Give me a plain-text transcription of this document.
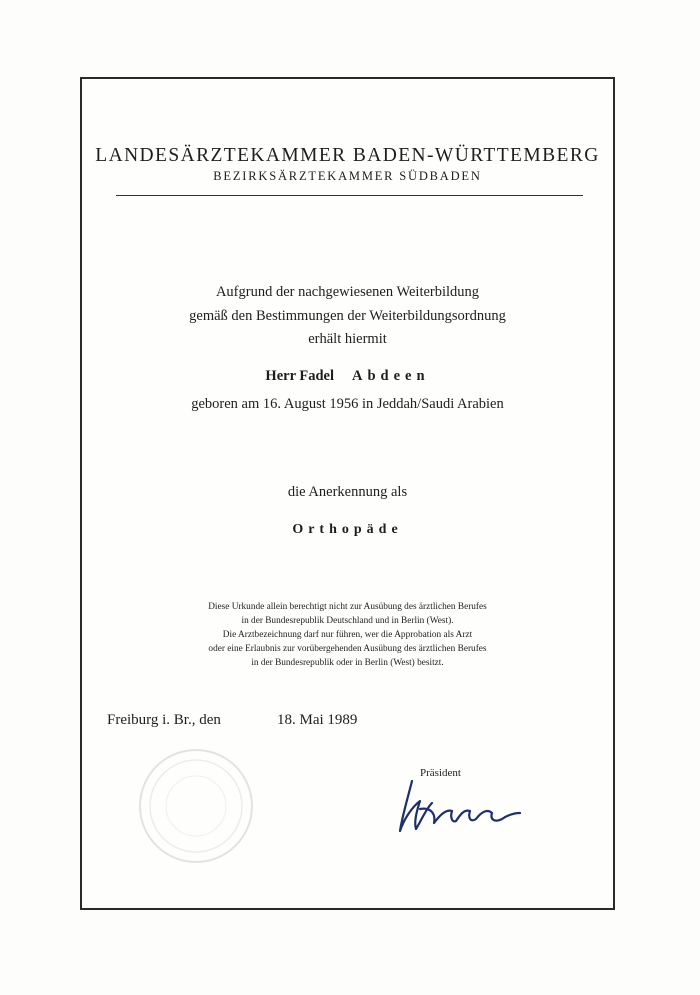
LANDESÄRZTEKAMMER BADEN-WÜRTTEMBERG
BEZIRKSÄRZTEKAMMER SÜDBADEN
Aufgrund der nachgewiesenen Weiterbildung
gemäß den Bestimmungen der Weiterbildungsordnung
erhält hiermit
Herr Fadel Abdeen
geboren am 16. August 1956 in Jeddah/Saudi Arabien
die Anerkennung als
Orthopäde
Diese Urkunde allein berechtigt nicht zur Ausübung des ärztlichen Berufes
in der Bundesrepublik Deutschland und in Berlin (West).
Die Arztbezeichnung darf nur führen, wer die Approbation als Arzt
oder eine Erlaubnis zur vorübergehenden Ausübung des ärztlichen Berufes
in der Bundesrepublik oder in Berlin (West) besitzt.
Freiburg i. Br., den	18. Mai 1989
Präsident
